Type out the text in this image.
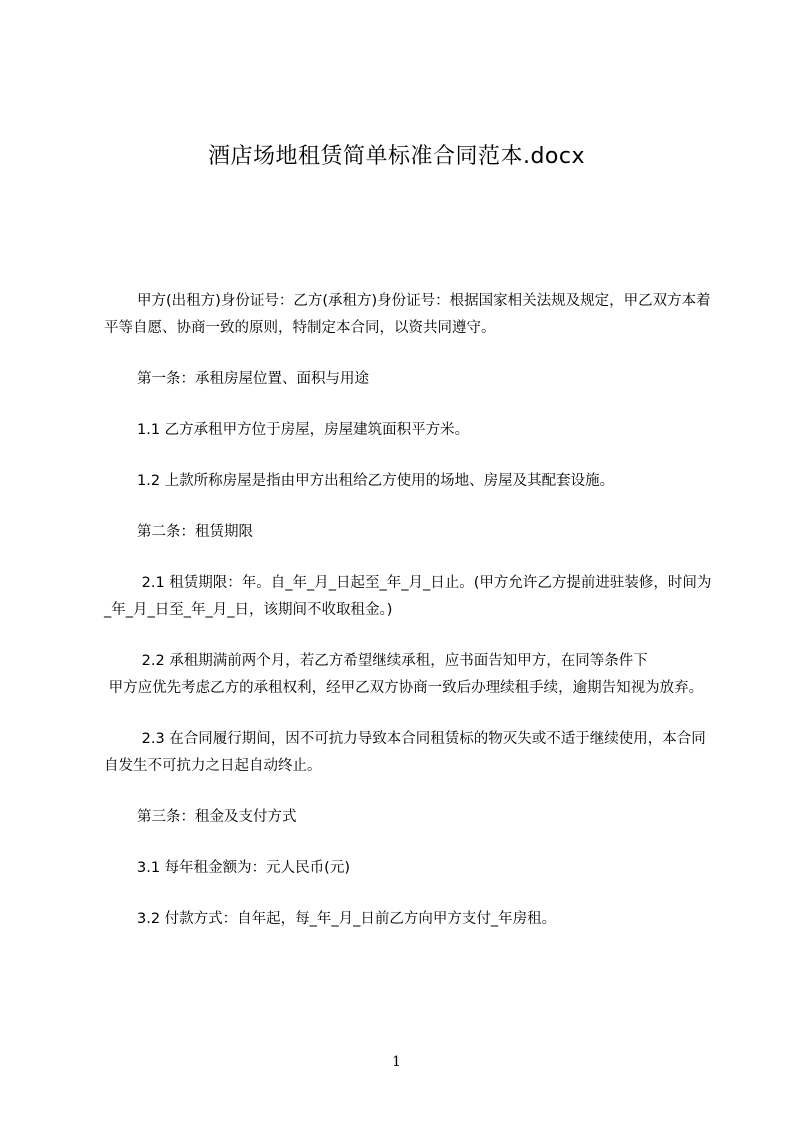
酒店场地租赁简单标准合同范本.docx

甲方(出租方)身份证号：乙方(承租方)身份证号：根据国家相关法规及规定，甲乙双方本着平等自愿、协商一致的原则，特制定本合同，以资共同遵守。

第一条：承租房屋位置、面积与用途

1.1 乙方承租甲方位于房屋，房屋建筑面积平方米。

1.2 上款所称房屋是指由甲方出租给乙方使用的场地、房屋及其配套设施。

第二条：租赁期限

2.1 租赁期限：年。自_年_月_日起至_年_月_日止。(甲方允许乙方提前进驻装修，时间为_年_月_日至_年_月_日，该期间不收取租金。)

2.2 承租期满前两个月，若乙方希望继续承租，应书面告知甲方，在同等条件下
甲方应优先考虑乙方的承租权利，经甲乙双方协商一致后办理续租手续，逾期告知视为放弃。

2.3 在合同履行期间，因不可抗力导致本合同租赁标的物灭失或不适于继续使用，本合同自发生不可抗力之日起自动终止。

第三条：租金及支付方式

3.1 每年租金额为：元人民币(元)

3.2 付款方式：自年起，每_年_月_日前乙方向甲方支付_年房租。

1
